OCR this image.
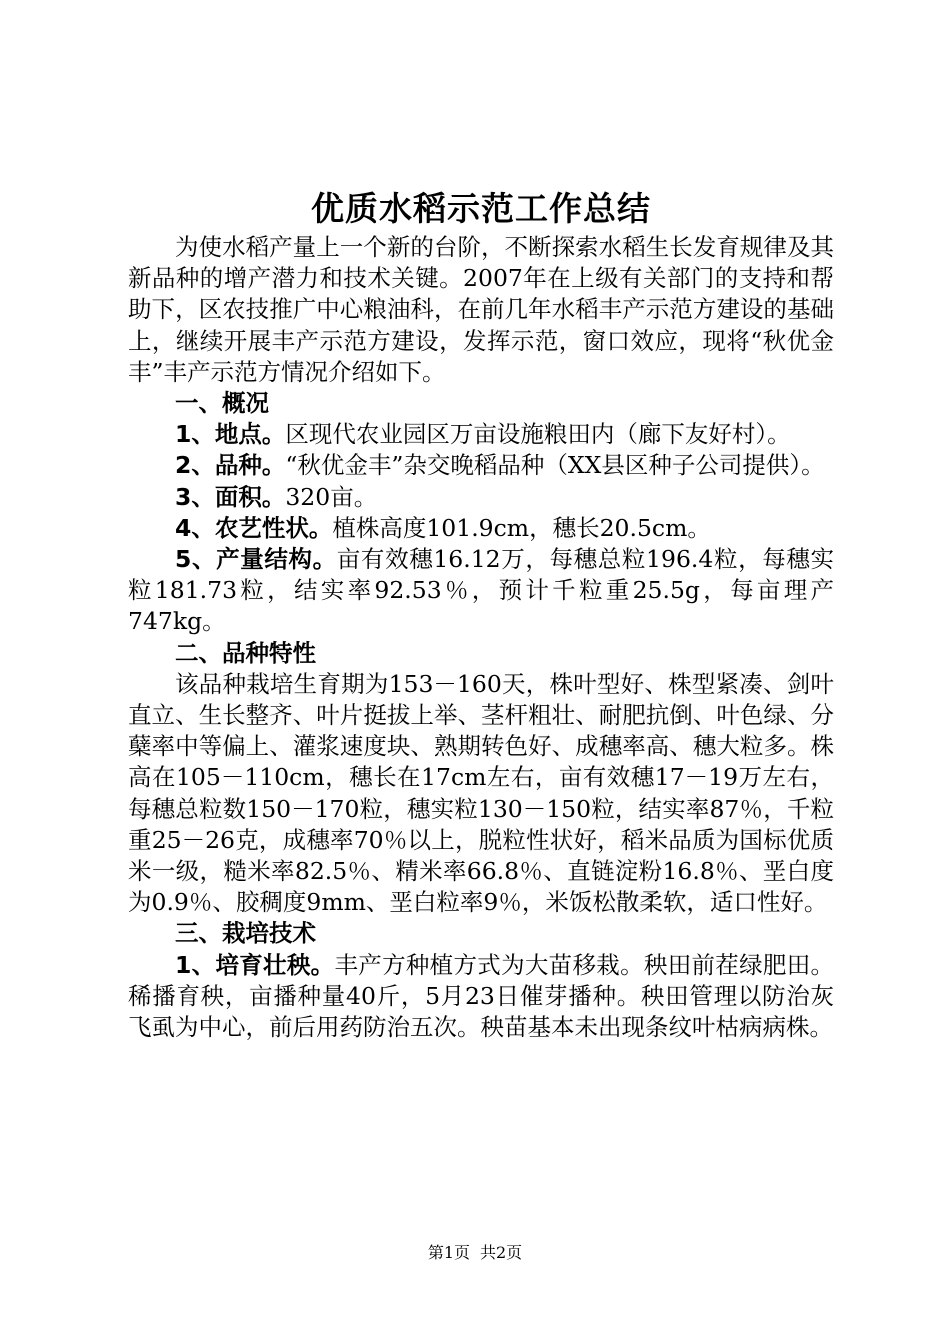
优质水稻示范工作总结

为使水稻产量上一个新的台阶，不断探索水稻生长发育规律及其新品种的增产潜力和技术关键。2007年在上级有关部门的支持和帮助下，区农技推广中心粮油科，在前几年水稻丰产示范方建设的基础上，继续开展丰产示范方建设，发挥示范，窗口效应，现将“秋优金丰”丰产示范方情况介绍如下。

一、概况

1、地点。区现代农业园区万亩设施粮田内（廊下友好村）。

2、品种。“秋优金丰”杂交晚稻品种（XX县区种子公司提供）。

3、面积。320亩。

4、农艺性状。植株高度101.9cm，穗长20.5cm。

5、产量结构。亩有效穗16.12万，每穗总粒196.4粒，每穗实粒181.73粒，结实率92.53％，预计千粒重25.5g，每亩理产747kg。

二、品种特性

该品种栽培生育期为153－160天，株叶型好、株型紧凑、剑叶直立、生长整齐、叶片挺拔上举、茎杆粗壮、耐肥抗倒、叶色绿、分蘖率中等偏上、灌浆速度块、熟期转色好、成穗率高、穗大粒多。株高在105－110cm，穗长在17cm左右，亩有效穗17－19万左右，每穗总粒数150－170粒，穗实粒130－150粒，结实率87％，千粒重25－26克，成穗率70％以上，脱粒性状好，稻米品质为国标优质米一级，糙米率82.5％、精米率66.8％、直链淀粉16.8％、垩白度为0.9％、胶稠度9mm、垩白粒率9％，米饭松散柔软，适口性好。

三、栽培技术

1、培育壮秧。丰产方种植方式为大苗移栽。秧田前茬绿肥田。稀播育秧，亩播种量40斤，5月23日催芽播种。秧田管理以防治灰飞虱为中心，前后用药防治五次。秧苗基本未出现条纹叶枯病病株。

第1页 共2页
